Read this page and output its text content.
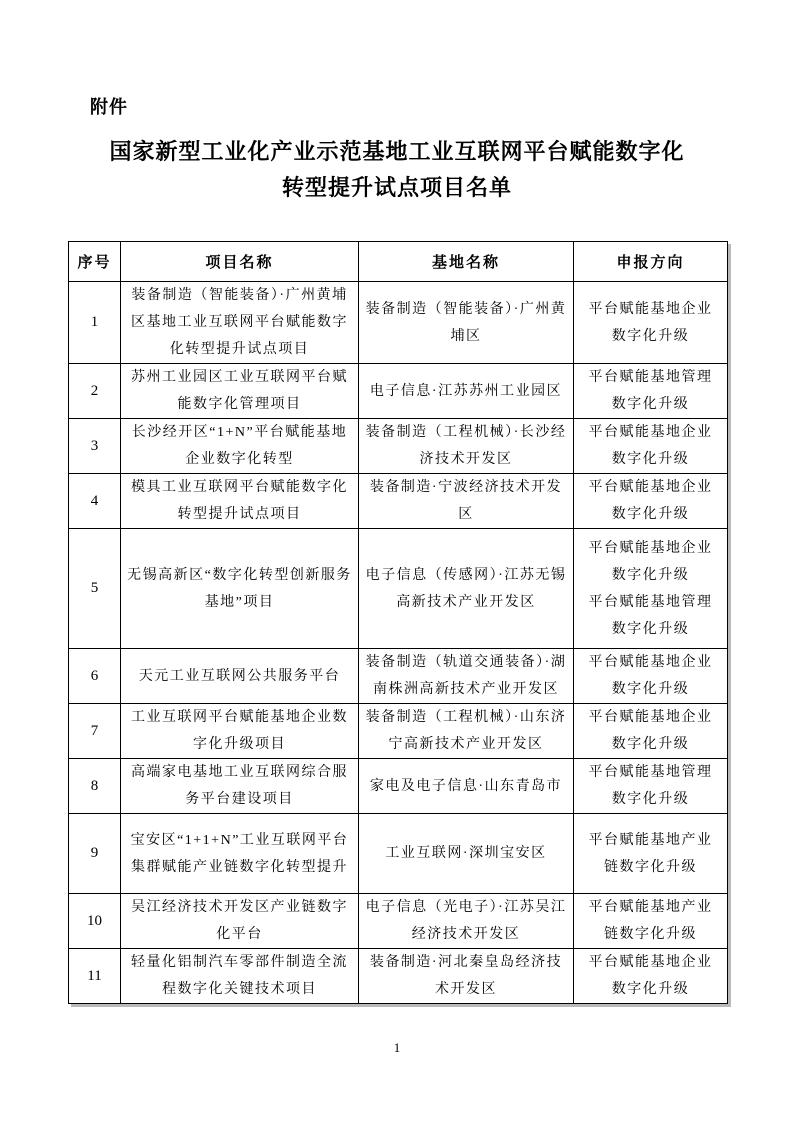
附件
国家新型工业化产业示范基地工业互联网平台赋能数字化
转型提升试点项目名单
序号	项目名称	基地名称	申报方向
1	装备制造（智能装备）·广州黄埔区基地工业互联网平台赋能数字化转型提升试点项目	装备制造（智能装备）·广州黄埔区	平台赋能基地企业数字化升级

2	苏州工业园区工业互联网平台赋能数字化管理项目	电子信息·江苏苏州工业园区	平台赋能基地管理数字化升级

3	长沙经开区“1+N”平台赋能基地企业数字化转型	装备制造（工程机械）·长沙经济技术开发区	平台赋能基地企业数字化升级

4	模具工业互联网平台赋能数字化转型提升试点项目	装备制造·宁波经济技术开发区	平台赋能基地企业数字化升级

5	无锡高新区“数字化转型创新服务基地”项目	电子信息（传感网）·江苏无锡高新技术产业开发区	平台赋能基地企业数字化升级
平台赋能基地管理数字化升级

6	天元工业互联网公共服务平台	装备制造（轨道交通装备）·湖南株洲高新技术产业开发区	平台赋能基地企业数字化升级

7	工业互联网平台赋能基地企业数字化升级项目	装备制造（工程机械）·山东济宁高新技术产业开发区	平台赋能基地企业数字化升级

8	高端家电基地工业互联网综合服务平台建设项目	家电及电子信息·山东青岛市	平台赋能基地管理数字化升级

9	宝安区“1+1+N”工业互联网平台集群赋能产业链数字化转型提升	工业互联网·深圳宝安区	平台赋能基地产业链数字化升级

10	吴江经济技术开发区产业链数字化平台	电子信息（光电子）·江苏吴江经济技术开发区	平台赋能基地产业链数字化升级

11	轻量化铝制汽车零部件制造全流程数字化关键技术项目	装备制造·河北秦皇岛经济技术开发区	平台赋能基地企业数字化升级
1
